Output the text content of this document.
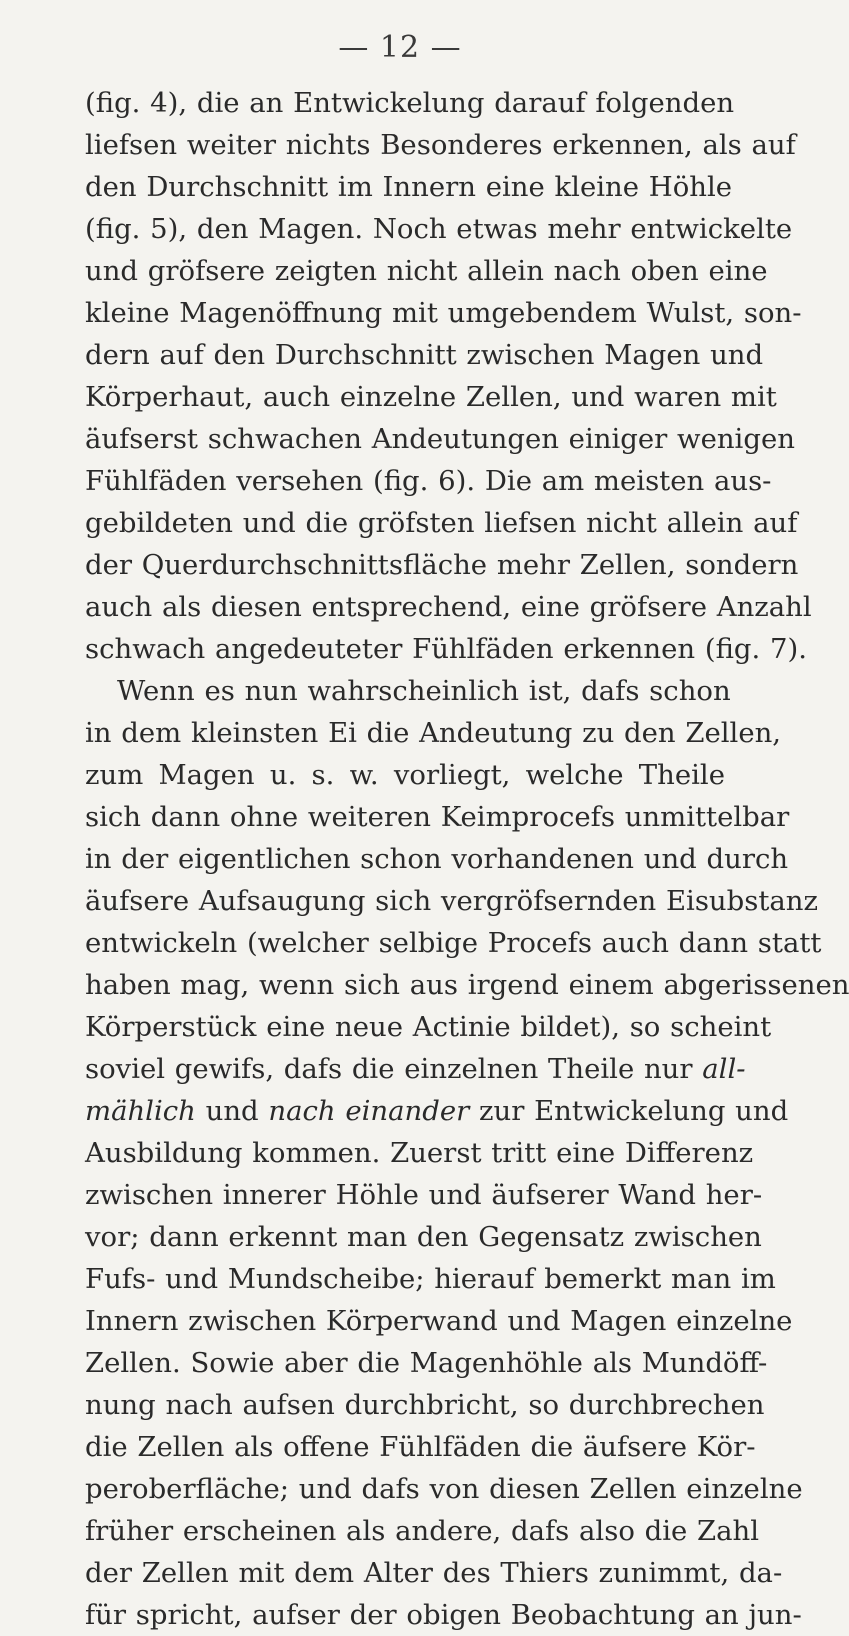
— 12 —
(fig. 4), die an Entwickelung darauf folgenden
liefsen weiter nichts Besonderes erkennen, als auf
den Durchschnitt im Innern eine kleine Höhle
(fig. 5), den Magen. Noch etwas mehr entwickelte
und gröfsere zeigten nicht allein nach oben eine
kleine Magenöffnung mit umgebendem Wulst, son-
dern auf den Durchschnitt zwischen Magen und
Körperhaut, auch einzelne Zellen, und waren mit
äufserst schwachen Andeutungen einiger wenigen
Fühlfäden versehen (fig. 6). Die am meisten aus-
gebildeten und die gröfsten liefsen nicht allein auf
der Querdurchschnittsfläche mehr Zellen, sondern
auch als diesen entsprechend, eine gröfsere Anzahl
schwach angedeuteter Fühlfäden erkennen (fig. 7).
Wenn es nun wahrscheinlich ist, dafs schon
in dem kleinsten Ei die Andeutung zu den Zellen,
zum Magen u. s. w. vorliegt, welche Theile
sich dann ohne weiteren Keimprocefs unmittelbar
in der eigentlichen schon vorhandenen und durch
äufsere Aufsaugung sich vergröfsernden Eisubstanz
entwickeln (welcher selbige Procefs auch dann statt
haben mag, wenn sich aus irgend einem abgerissenen
Körperstück eine neue Actinie bildet), so scheint
soviel gewifs, dafs die einzelnen Theile nur all-
mählich und nach einander zur Entwickelung und
Ausbildung kommen. Zuerst tritt eine Differenz
zwischen innerer Höhle und äufserer Wand her-
vor; dann erkennt man den Gegensatz zwischen
Fufs- und Mundscheibe; hierauf bemerkt man im
Innern zwischen Körperwand und Magen einzelne
Zellen. Sowie aber die Magenhöhle als Mundöff-
nung nach aufsen durchbricht, so durchbrechen
die Zellen als offene Fühlfäden die äufsere Kör-
peroberfläche; und dafs von diesen Zellen einzelne
früher erscheinen als andere, dafs also die Zahl
der Zellen mit dem Alter des Thiers zunimmt, da-
für spricht, aufser der obigen Beobachtung an jun-
